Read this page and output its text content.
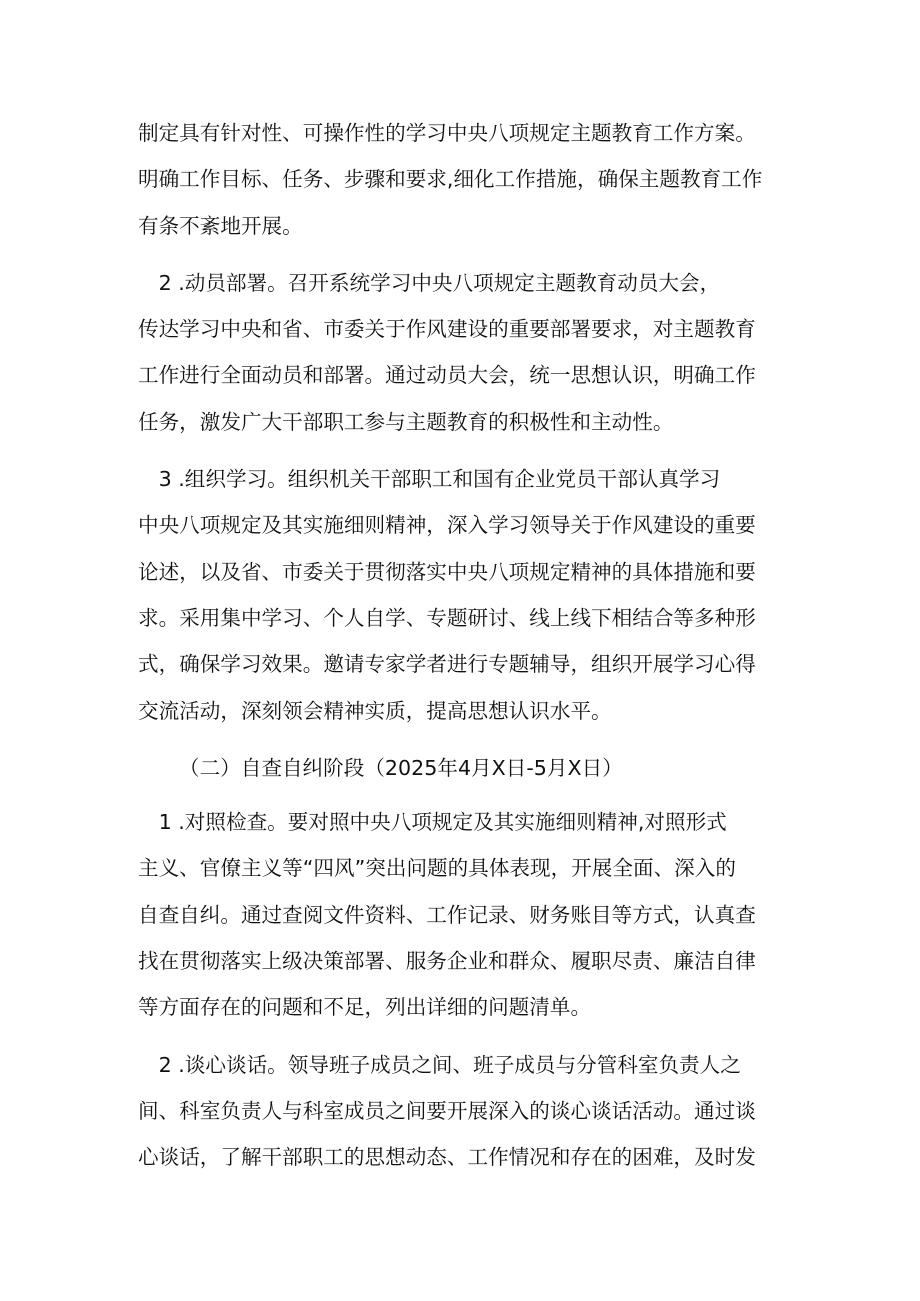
制定具有针对性、可操作性的学习中央八项规定主题教育工作方案。
明确工作目标、任务、步骤和要求,细化工作措施，确保主题教育工作
有条不紊地开展。
　2 .动员部署。召开系统学习中央八项规定主题教育动员大会，
传达学习中央和省、市委关于作风建设的重要部署要求，对主题教育
工作进行全面动员和部署。通过动员大会，统一思想认识，明确工作
任务，激发广大干部职工参与主题教育的积极性和主动性。
　3 .组织学习。组织机关干部职工和国有企业党员干部认真学习
中央八项规定及其实施细则精神，深入学习领导关于作风建设的重要
论述，以及省、市委关于贯彻落实中央八项规定精神的具体措施和要
求。采用集中学习、个人自学、专题研讨、线上线下相结合等多种形
式，确保学习效果。邀请专家学者进行专题辅导，组织开展学习心得
交流活动，深刻领会精神实质，提高思想认识水平。
（二）自查自纠阶段（2025年4月X日-5月X日）
　1 .对照检查。要对照中央八项规定及其实施细则精神,对照形式
主义、官僚主义等“四风”突出问题的具体表现，开展全面、深入的
自查自纠。通过查阅文件资料、工作记录、财务账目等方式，认真查
找在贯彻落实上级决策部署、服务企业和群众、履职尽责、廉洁自律
等方面存在的问题和不足，列出详细的问题清单。
　2 .谈心谈话。领导班子成员之间、班子成员与分管科室负责人之
间、科室负责人与科室成员之间要开展深入的谈心谈话活动。通过谈
心谈话，了解干部职工的思想动态、工作情况和存在的困难，及时发
